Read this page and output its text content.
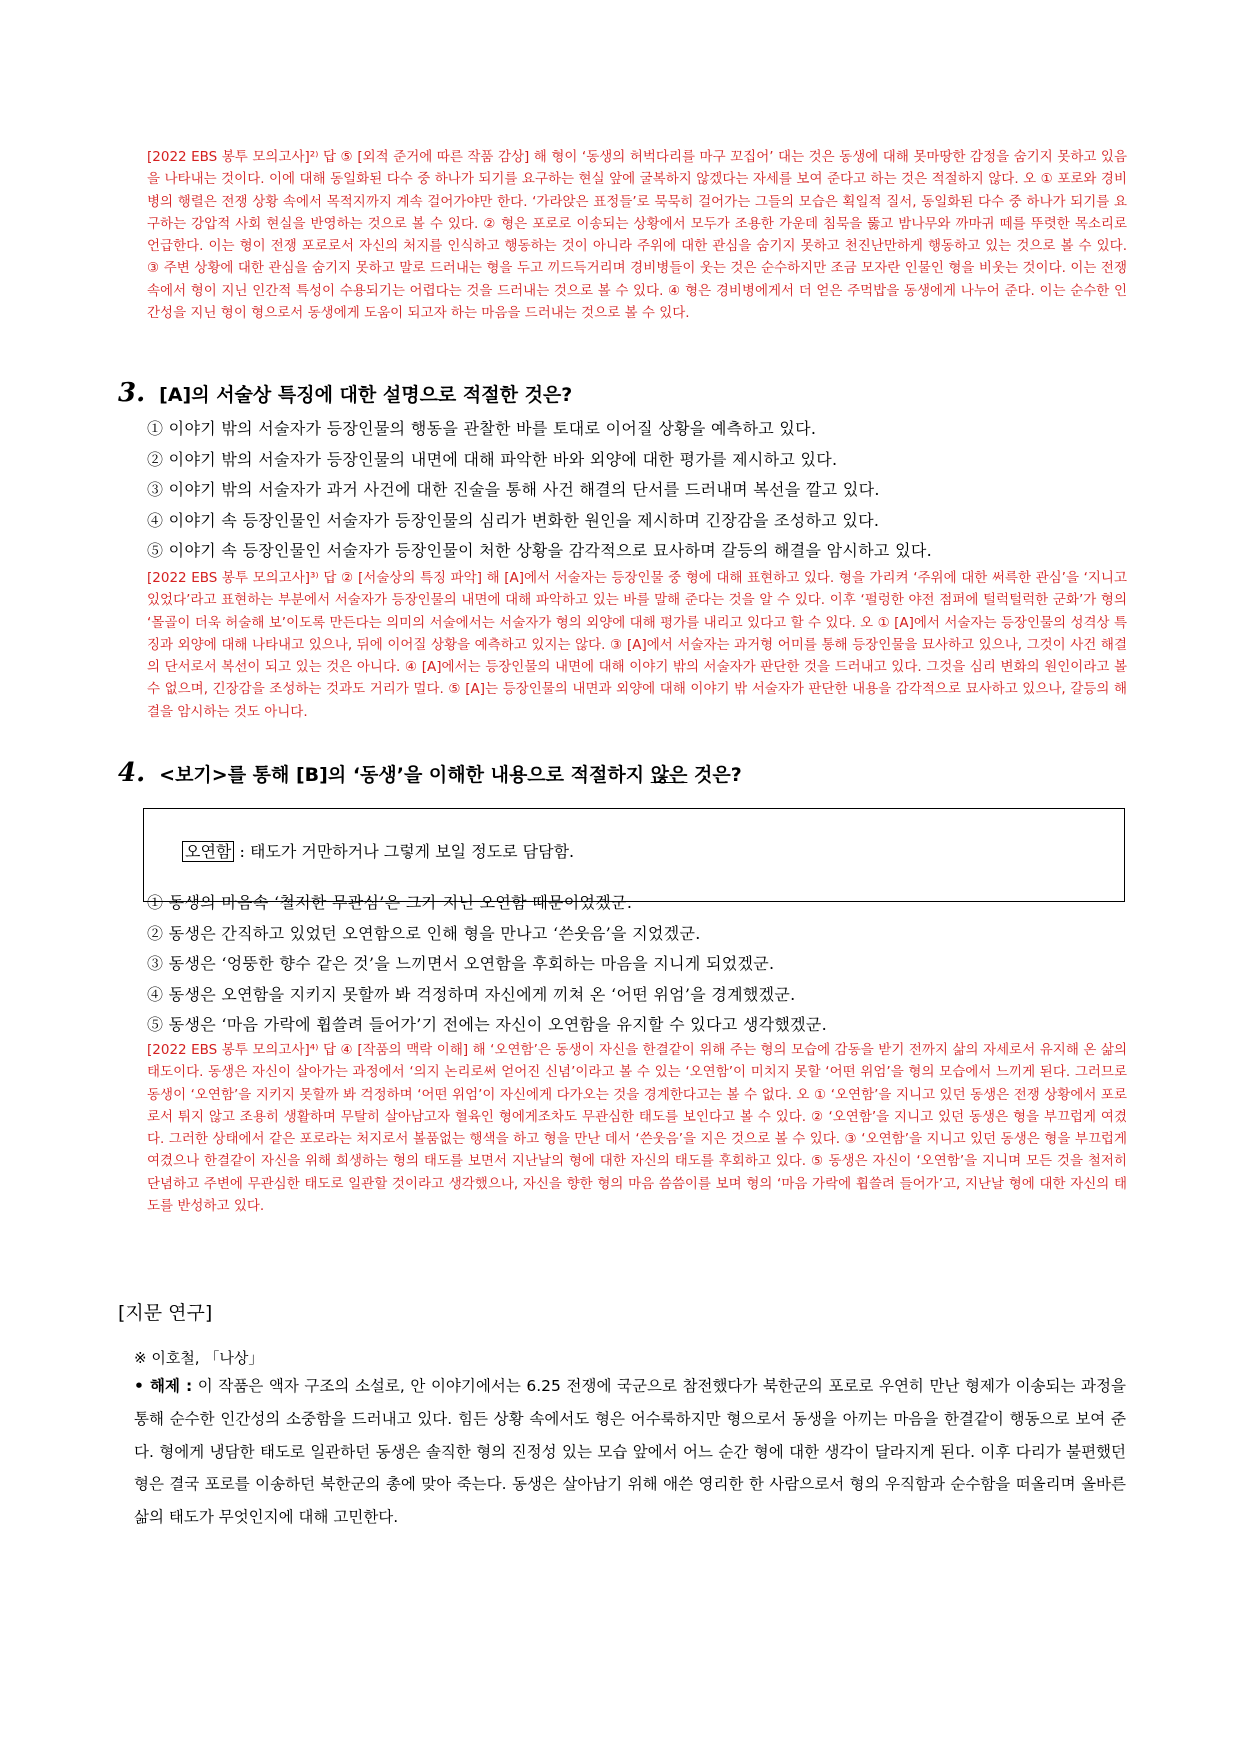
[2022 EBS 봉투 모의고사]²⁾ 답 ⑤ [외적 준거에 따른 작품 감상] 해 형이 ‘동생의 허벅다리를 마구 꼬집어’ 대는 것은 동생에 대해 못마땅한 감정을 숨기지 못하고 있음을 나타내는 것이다. 이에 대해 동일화된 다수 중 하나가 되기를 요구하는 현실 앞에 굴복하지 않겠다는 자세를 보여 준다고 하는 것은 적절하지 않다. 오 ① 포로와 경비병의 행렬은 전쟁 상황 속에서 목적지까지 계속 걸어가야만 한다. ‘가라앉은 표정들’로 묵묵히 걸어가는 그들의 모습은 획일적 질서, 동일화된 다수 중 하나가 되기를 요구하는 강압적 사회 현실을 반영하는 것으로 볼 수 있다. ② 형은 포로로 이송되는 상황에서 모두가 조용한 가운데 침묵을 뚫고 밤나무와 까마귀 떼를 뚜렷한 목소리로 언급한다. 이는 형이 전쟁 포로로서 자신의 처지를 인식하고 행동하는 것이 아니라 주위에 대한 관심을 숨기지 못하고 천진난만하게 행동하고 있는 것으로 볼 수 있다. ③ 주변 상황에 대한 관심을 숨기지 못하고 말로 드러내는 형을 두고 끼드득거리며 경비병들이 웃는 것은 순수하지만 조금 모자란 인물인 형을 비웃는 것이다. 이는 전쟁 속에서 형이 지닌 인간적 특성이 수용되기는 어렵다는 것을 드러내는 것으로 볼 수 있다. ④ 형은 경비병에게서 더 얻은 주먹밥을 동생에게 나누어 준다. 이는 순수한 인간성을 지닌 형이 형으로서 동생에게 도움이 되고자 하는 마음을 드러내는 것으로 볼 수 있다.
3. [A]의 서술상 특징에 대한 설명으로 적절한 것은?
① 이야기 밖의 서술자가 등장인물의 행동을 관찰한 바를 토대로 이어질 상황을 예측하고 있다.
② 이야기 밖의 서술자가 등장인물의 내면에 대해 파악한 바와 외양에 대한 평가를 제시하고 있다.
③ 이야기 밖의 서술자가 과거 사건에 대한 진술을 통해 사건 해결의 단서를 드러내며 복선을 깔고 있다.
④ 이야기 속 등장인물인 서술자가 등장인물의 심리가 변화한 원인을 제시하며 긴장감을 조성하고 있다.
⑤ 이야기 속 등장인물인 서술자가 등장인물이 처한 상황을 감각적으로 묘사하며 갈등의 해결을 암시하고 있다.
[2022 EBS 봉투 모의고사]³⁾ 답 ② [서술상의 특징 파악] 해 [A]에서 서술자는 등장인물 중 형에 대해 표현하고 있다. 형을 가리켜 ‘주위에 대한 써륵한 관심’을 ‘지니고 있었다’라고 표현하는 부분에서 서술자가 등장인물의 내면에 대해 파악하고 있는 바를 말해 준다는 것을 알 수 있다. 이후 ‘펄렁한 야전 점퍼에 털럭털럭한 군화’가 형의 ‘몰골이 더욱 허술해 보’이도록 만든다는 의미의 서술에서는 서술자가 형의 외양에 대해 평가를 내리고 있다고 할 수 있다. 오 ① [A]에서 서술자는 등장인물의 성격상 특징과 외양에 대해 나타내고 있으나, 뒤에 이어질 상황을 예측하고 있지는 않다. ③ [A]에서 서술자는 과거형 어미를 통해 등장인물을 묘사하고 있으나, 그것이 사건 해결의 단서로서 복선이 되고 있는 것은 아니다. ④ [A]에서는 등장인물의 내면에 대해 이야기 밖의 서술자가 판단한 것을 드러내고 있다. 그것을 심리 변화의 원인이라고 볼 수 없으며, 긴장감을 조성하는 것과도 거리가 멀다. ⑤ [A]는 등장인물의 내면과 외양에 대해 이야기 밖 서술자가 판단한 내용을 감각적으로 묘사하고 있으나, 갈등의 해결을 암시하는 것도 아니다.
4. <보기>를 통해 [B]의 ‘동생’을 이해한 내용으로 적절하지 않은 것은?
오연함 : 태도가 거만하거나 그렇게 보일 정도로 담담함.
① 동생의 마음속 ‘철저한 무관심’은 그가 지닌 오연함 때문이었겠군.
② 동생은 간직하고 있었던 오연함으로 인해 형을 만나고 ‘쓴웃음’을 지었겠군.
③ 동생은 ‘엉뚱한 향수 같은 것’을 느끼면서 오연함을 후회하는 마음을 지니게 되었겠군.
④ 동생은 오연함을 지키지 못할까 봐 걱정하며 자신에게 끼쳐 온 ‘어떤 위엄’을 경계했겠군.
⑤ 동생은 ‘마음 가락에 휩쓸려 들어가’기 전에는 자신이 오연함을 유지할 수 있다고 생각했겠군.
[2022 EBS 봉투 모의고사]⁴⁾ 답 ④ [작품의 맥락 이해] 해 ‘오연함’은 동생이 자신을 한결같이 위해 주는 형의 모습에 감동을 받기 전까지 삶의 자세로서 유지해 온 삶의 태도이다. 동생은 자신이 살아가는 과정에서 ‘의지 논리로써 얻어진 신념’이라고 볼 수 있는 ‘오연함’이 미치지 못할 ‘어떤 위엄’을 형의 모습에서 느끼게 된다. 그러므로 동생이 ‘오연함’을 지키지 못할까 봐 걱정하며 ‘어떤 위엄’이 자신에게 다가오는 것을 경계한다고는 볼 수 없다. 오 ① ‘오연함’을 지니고 있던 동생은 전쟁 상황에서 포로로서 튀지 않고 조용히 생활하며 무탈히 살아남고자 혈육인 형에게조차도 무관심한 태도를 보인다고 볼 수 있다. ② ‘오연함’을 지니고 있던 동생은 형을 부끄럽게 여겼다. 그러한 상태에서 같은 포로라는 처지로서 볼품없는 행색을 하고 형을 만난 데서 ‘쓴웃음’을 지은 것으로 볼 수 있다. ③ ‘오연함’을 지니고 있던 동생은 형을 부끄럽게 여겼으나 한결같이 자신을 위해 희생하는 형의 태도를 보면서 지난날의 형에 대한 자신의 태도를 후회하고 있다. ⑤ 동생은 자신이 ‘오연함’을 지니며 모든 것을 철저히 단념하고 주변에 무관심한 태도로 일관할 것이라고 생각했으나, 자신을 향한 형의 마음 씀씀이를 보며 형의 ‘마음 가락에 휩쓸려 들어가’고, 지난날 형에 대한 자신의 태도를 반성하고 있다.
[지문 연구]
※ 이호철, 「나상」
• 해제 : 이 작품은 액자 구조의 소설로, 안 이야기에서는 6.25 전쟁에 국군으로 참전했다가 북한군의 포로로 우연히 만난 형제가 이송되는 과정을 통해 순수한 인간성의 소중함을 드러내고 있다. 힘든 상황 속에서도 형은 어수룩하지만 형으로서 동생을 아끼는 마음을 한결같이 행동으로 보여 준다. 형에게 냉담한 태도로 일관하던 동생은 솔직한 형의 진정성 있는 모습 앞에서 어느 순간 형에 대한 생각이 달라지게 된다. 이후 다리가 불편했던 형은 결국 포로를 이송하던 북한군의 총에 맞아 죽는다. 동생은 살아남기 위해 애쓴 영리한 한 사람으로서 형의 우직함과 순수함을 떠올리며 올바른 삶의 태도가 무엇인지에 대해 고민한다.
